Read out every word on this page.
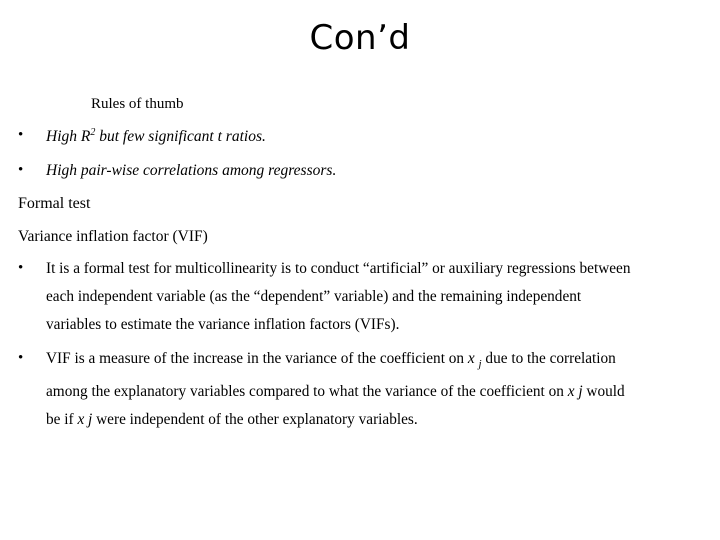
Con’d
Rules of thumb
• High $R^2$ but few significant t ratios.
• High pair-wise correlations among regressors.
Formal test
Variance inflation factor (VIF)
• It is a formal test for multicollinearity is to conduct “artificial” or auxiliary regressions between
each independent variable (as the “dependent” variable) and the remaining independent
variables to estimate the variance inflation factors (VIFs).
• VIF is a measure of the increase in the variance of the coefficient on x $_j$ due to the correlation
among the explanatory variables compared to what the variance of the coefficient on x j would
be if x j were independent of the other explanatory variables.
